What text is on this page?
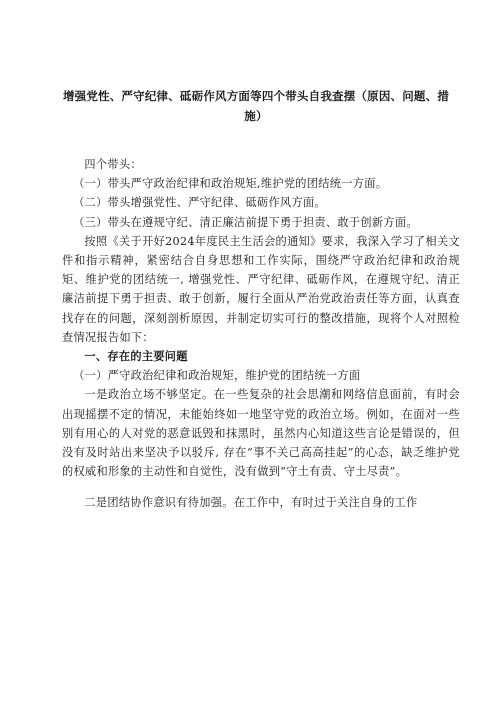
增强党性、严守纪律、砥砺作风方面等四个带头自我查摆（原因、问题、措施）

四个带头：

（一）带头严守政治纪律和政治规矩,维护党的团结统一方面。

（二）带头增强党性、严守纪律、砥砺作风方面。

（三）带头在遵规守纪、清正廉洁前提下勇于担责、敢于创新方面。

按照《关于开好2024年度民主生活会的通知》要求，我深入学习了相关文件和指示精神，紧密结合自身思想和工作实际，围绕严守政治纪律和政治规矩、维护党的团结统一, 增强党性、严守纪律、砥砺作风，在遵规守纪、清正廉洁前提下勇于担责、敢于创新，履行全面从严治党政治责任等方面，认真查找存在的问题，深刻剖析原因，并制定切实可行的整改措施，现将个人对照检查情况报告如下：

一、存在的主要问题

（一）严守政治纪律和政治规矩，维护党的团结统一方面

一是政治立场不够坚定。在一些复杂的社会思潮和网络信息面前，有时会出现摇摆不定的情况，未能始终如一地坚守党的政治立场。例如，在面对一些别有用心的人对党的恶意诋毁和抹黑时，虽然内心知道这些言论是错误的，但没有及时站出来坚决予以驳斥, 存在“事不关己高高挂起”的心态，缺乏维护党的权威和形象的主动性和自觉性，没有做到“守土有责、守土尽责”。

二是团结协作意识有待加强。在工作中，有时过于关注自身的工作
